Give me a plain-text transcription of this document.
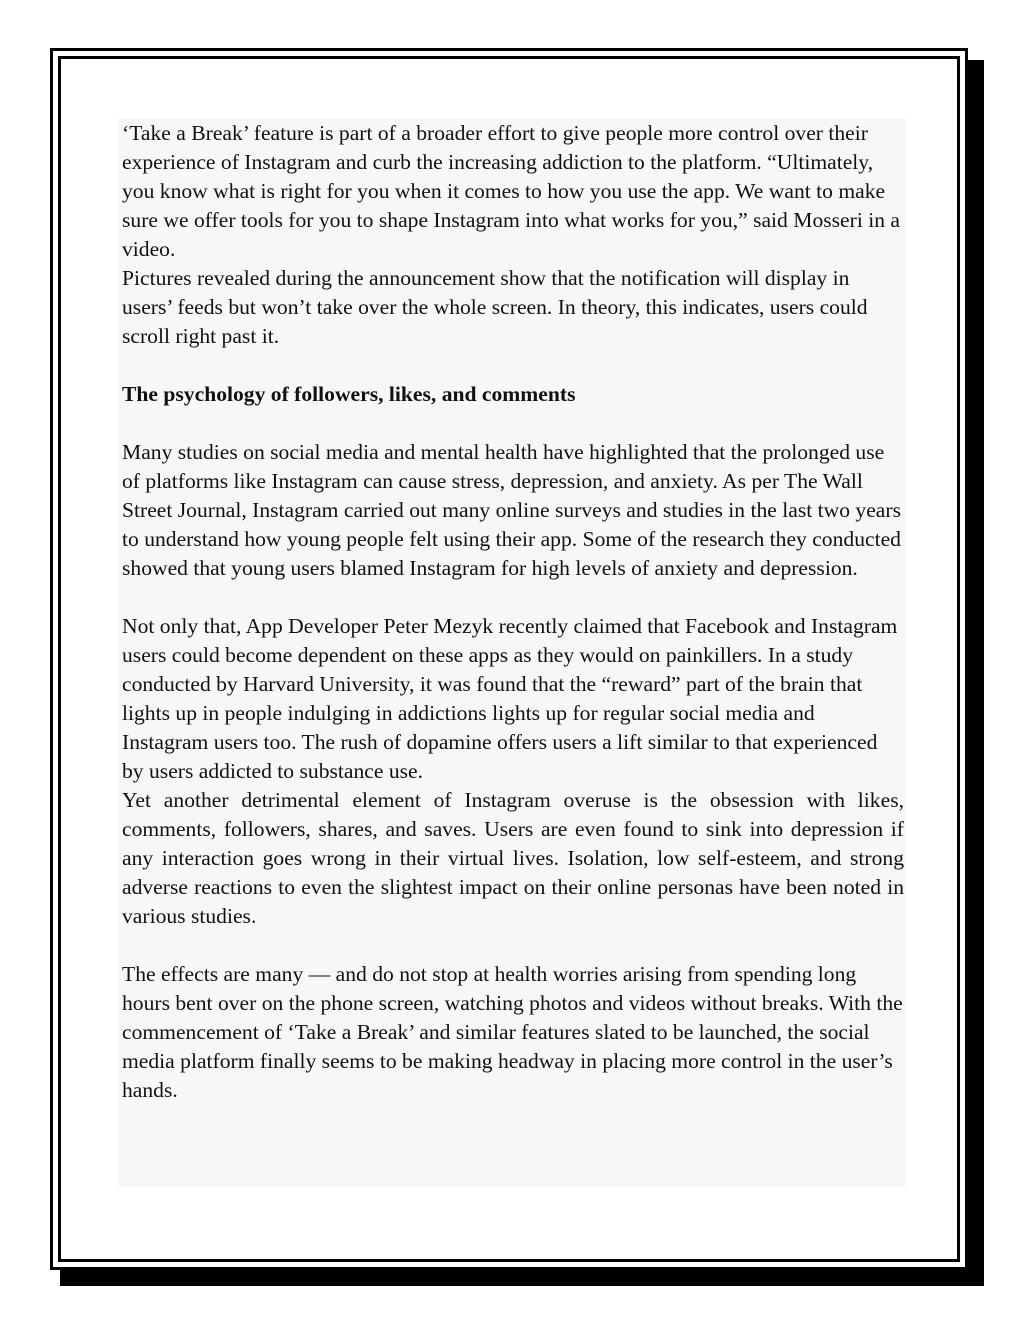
‘Take a Break’ feature is part of a broader effort to give people more control over their experience of Instagram and curb the increasing addiction to the platform. “Ultimately, you know what is right for you when it comes to how you use the app. We want to make sure we offer tools for you to shape Instagram into what works for you,” said Mosseri in a video.

Pictures revealed during the announcement show that the notification will display in users’ feeds but won’t take over the whole screen. In theory, this indicates, users could scroll right past it.

The psychology of followers, likes, and comments

Many studies on social media and mental health have highlighted that the prolonged use of platforms like Instagram can cause stress, depression, and anxiety. As per The Wall Street Journal, Instagram carried out many online surveys and studies in the last two years to understand how young people felt using their app. Some of the research they conducted showed that young users blamed Instagram for high levels of anxiety and depression.

Not only that, App Developer Peter Mezyk recently claimed that Facebook and Instagram users could become dependent on these apps as they would on painkillers. In a study conducted by Harvard University, it was found that the “reward” part of the brain that lights up in people indulging in addictions lights up for regular social media and Instagram users too. The rush of dopamine offers users a lift similar to that experienced by users addicted to substance use.

Yet another detrimental element of Instagram overuse is the obsession with likes, comments, followers, shares, and saves. Users are even found to sink into depression if any interaction goes wrong in their virtual lives. Isolation, low self-esteem, and strong adverse reactions to even the slightest impact on their online personas have been noted in various studies.

The effects are many — and do not stop at health worries arising from spending long hours bent over on the phone screen, watching photos and videos without breaks. With the commencement of ‘Take a Break’ and similar features slated to be launched, the social media platform finally seems to be making headway in placing more control in the user’s hands.
